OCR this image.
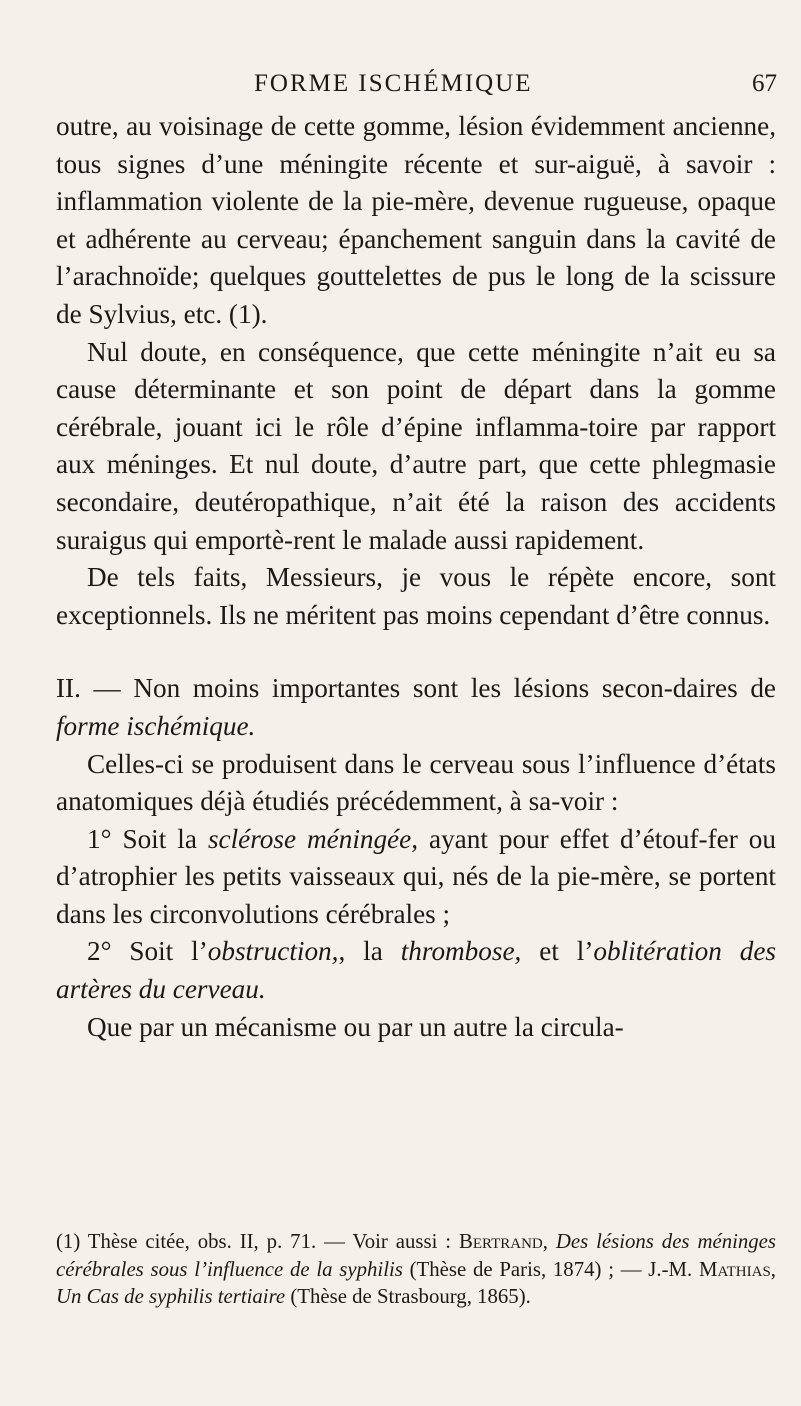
FORME ISCHÉMIQUE	67

outre, au voisinage de cette gomme, lésion évidemment ancienne, tous signes d’une méningite récente et sur-aiguë, à savoir : inflammation violente de la pie-mère, devenue rugueuse, opaque et adhérente au cerveau; épanchement sanguin dans la cavité de l’arachnoïde; quelques gouttelettes de pus le long de la scissure de Sylvius, etc. (1).

Nul doute, en conséquence, que cette méningite n’ait eu sa cause déterminante et son point de départ dans la gomme cérébrale, jouant ici le rôle d’épine inflamma-toire par rapport aux méninges. Et nul doute, d’autre part, que cette phlegmasie secondaire, deutéropathique, n’ait été la raison des accidents suraigus qui emportè-rent le malade aussi rapidement.

De tels faits, Messieurs, je vous le répète encore, sont exceptionnels. Ils ne méritent pas moins cependant d’être connus.

II. — Non moins importantes sont les lésions secon-daires de forme ischémique.

Celles-ci se produisent dans le cerveau sous l’influence d’états anatomiques déjà étudiés précédemment, à sa-voir :

1° Soit la sclérose méningée, ayant pour effet d’étouf-fer ou d’atrophier les petits vaisseaux qui, nés de la pie-mère, se portent dans les circonvolutions cérébrales ;

2° Soit l’obstruction,, la thrombose, et l’oblitération des artères du cerveau.

Que par un mécanisme ou par un autre la circula-

(1) Thèse citée, obs. II, p. 71. — Voir aussi : Bertrand, Des lésions des méninges cérébrales sous l’influence de la syphilis (Thèse de Paris, 1874) ; — J.-M. Mathias, Un Cas de syphilis tertiaire (Thèse de Strasbourg, 1865).
